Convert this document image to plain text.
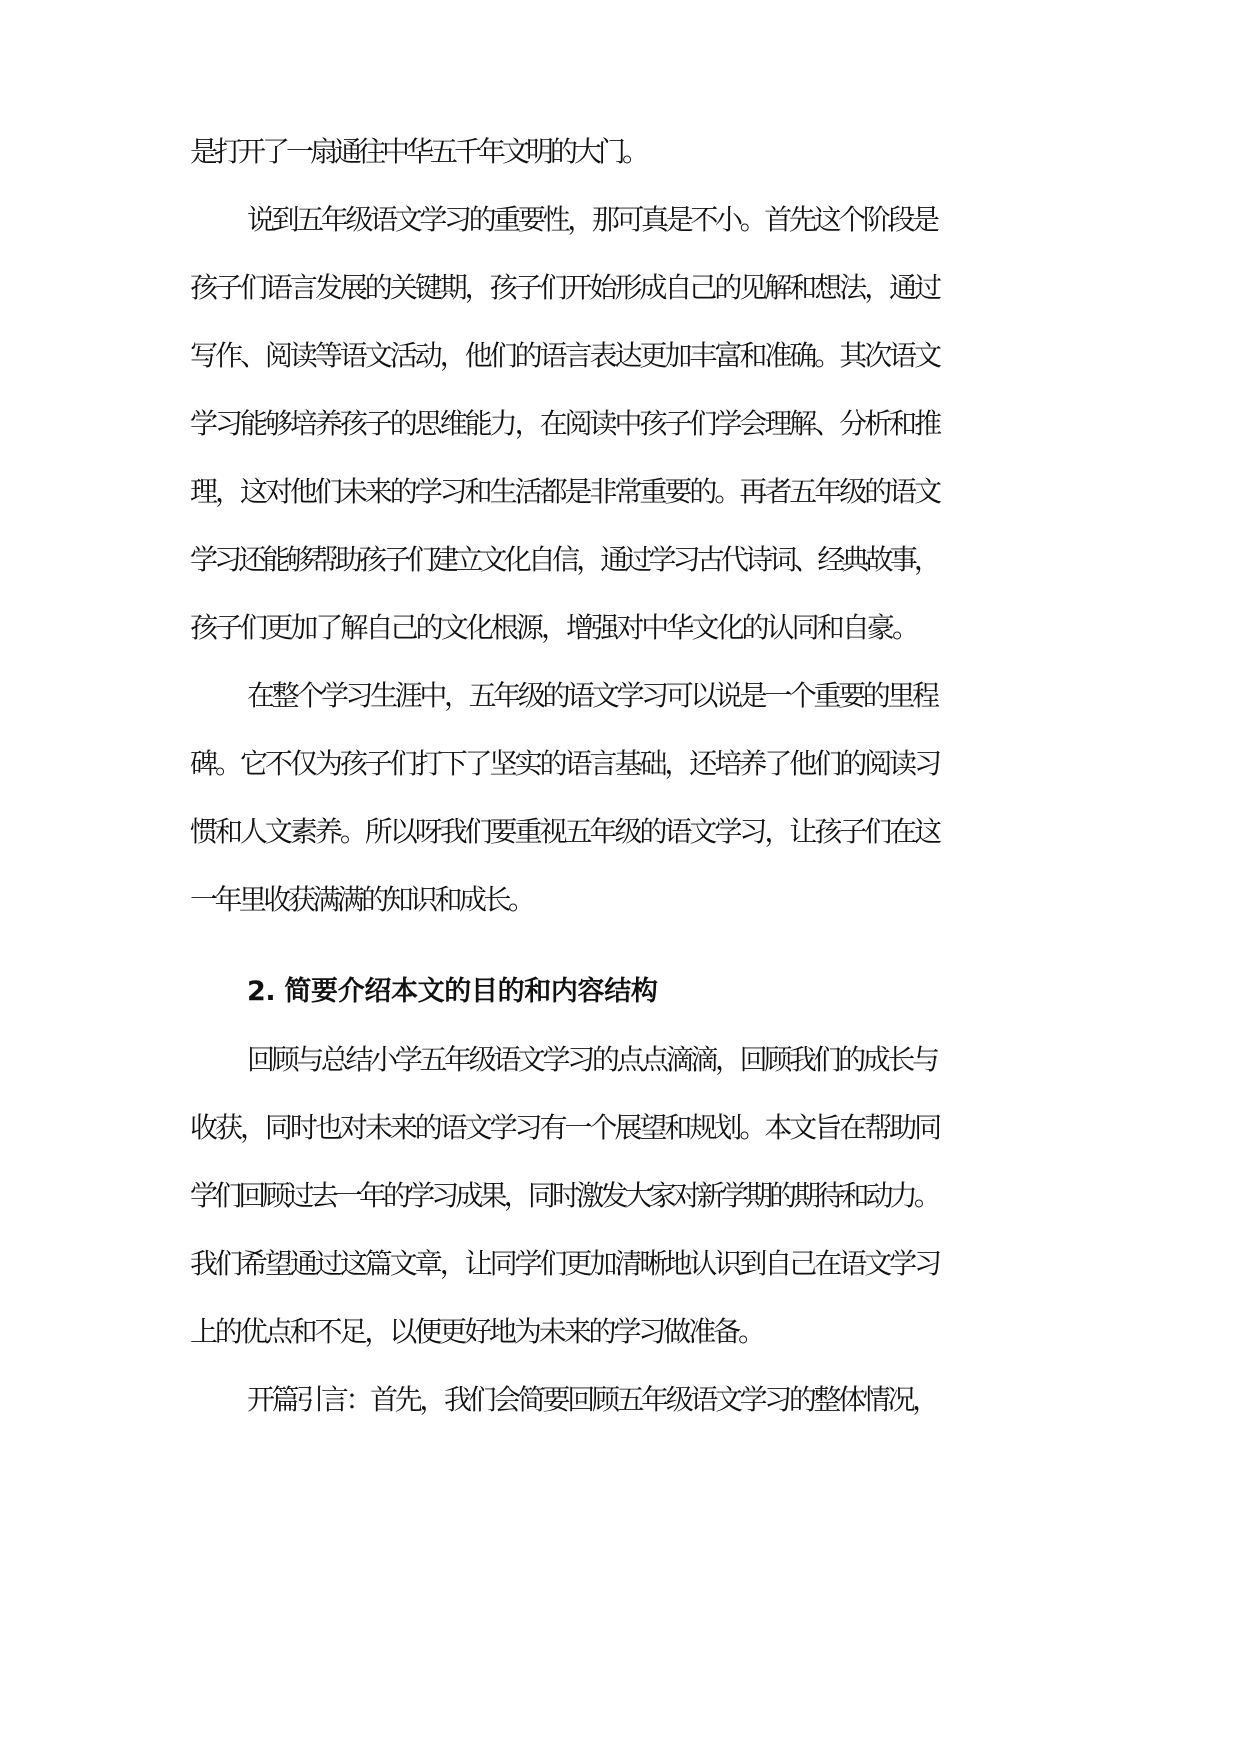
是打开了一扇通往中华五千年文明的大门。
说到五年级语文学习的重要性，那可真是不小。首先这个阶段是
孩子们语言发展的关键期，孩子们开始形成自己的见解和想法，通过
写作、阅读等语文活动，他们的语言表达更加丰富和准确。其次语文
学习能够培养孩子的思维能力，在阅读中孩子们学会理解、分析和推
理，这对他们未来的学习和生活都是非常重要的。再者五年级的语文
学习还能够帮助孩子们建立文化自信，通过学习古代诗词、经典故事，
孩子们更加了解自己的文化根源，增强对中华文化的认同和自豪。
在整个学习生涯中，五年级的语文学习可以说是一个重要的里程
碑。它不仅为孩子们打下了坚实的语言基础，还培养了他们的阅读习
惯和人文素养。所以呀我们要重视五年级的语文学习，让孩子们在这
一年里收获满满的知识和成长。
2. 简要介绍本文的目的和内容结构
回顾与总结小学五年级语文学习的点点滴滴，回顾我们的成长与
收获，同时也对未来的语文学习有一个展望和规划。本文旨在帮助同
学们回顾过去一年的学习成果，同时激发大家对新学期的期待和动力。
我们希望通过这篇文章，让同学们更加清晰地认识到自己在语文学习
上的优点和不足，以便更好地为未来的学习做准备。
开篇引言：首先，我们会简要回顾五年级语文学习的整体情况，
